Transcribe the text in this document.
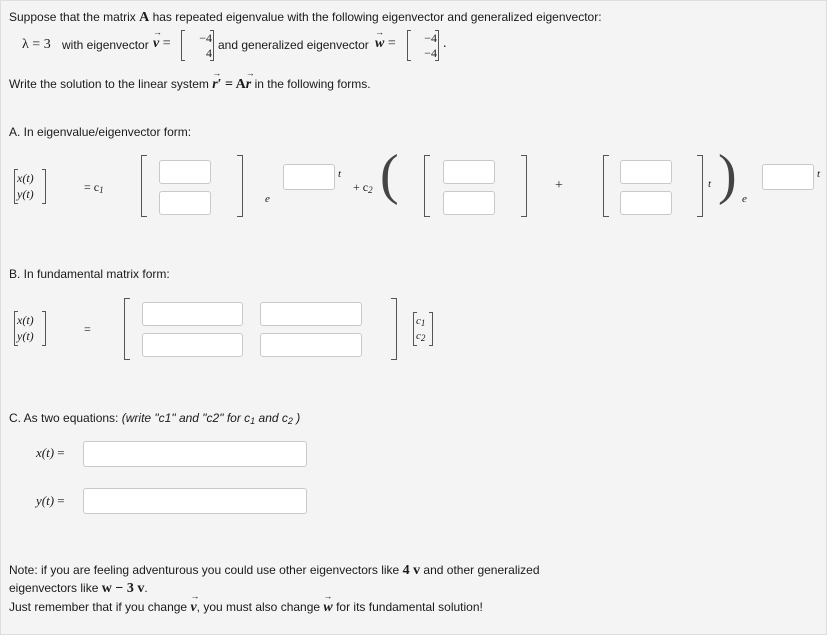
Suppose that the matrix A has repeated eigenvalue with the following eigenvector and generalized eigenvector:
λ = 3 with eigenvector → v =	−4
4
and generalized eigenvector → w =	−4
−4
.
Write the solution to the linear system → r′ = A→ r in the following forms.
A. In eigenvalue/eigenvector form:
x(t)
y(t)	= c1
e
t
+ c2 (	+	t ) e
t
B. In fundamental matrix form:
x(t)
y(t)	=
c1
c2
C. As two equations: (write "c1" and "c2" for c1 and c2 )
x(t) =
y(t) =
Note: if you are feeling adventurous you could use other eigenvectors like 4 v and other generalized
eigenvectors like w − 3 v.
Just remember that if you change → v, you must also change → w for its fundamental solution!
